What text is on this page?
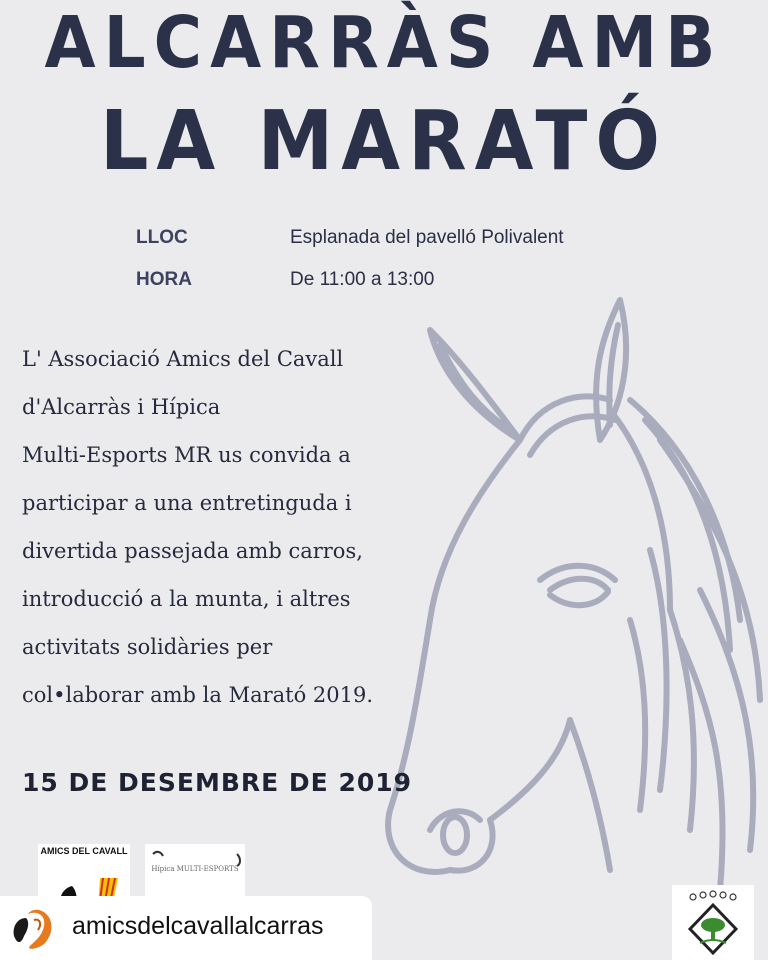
ALCARRÀS AMB
LA MARATÓ
LLOC	Esplanada del pavelló Polivalent
HORA	De 11:00 a 13:00

L' Associació Amics del Cavall
d'Alcarràs i Hípica
Multi-Esports MR us convida a
participar a una entretinguda i
divertida passejada amb carros,
introducció a la munta, i altres
activitats solidàries per
col•laborar amb la Marató 2019.

15 DE DESEMBRE DE 2019
AMICS DEL CAVALL
Hípica MULTI-ESPORTS
amicsdelcavallalcarras
